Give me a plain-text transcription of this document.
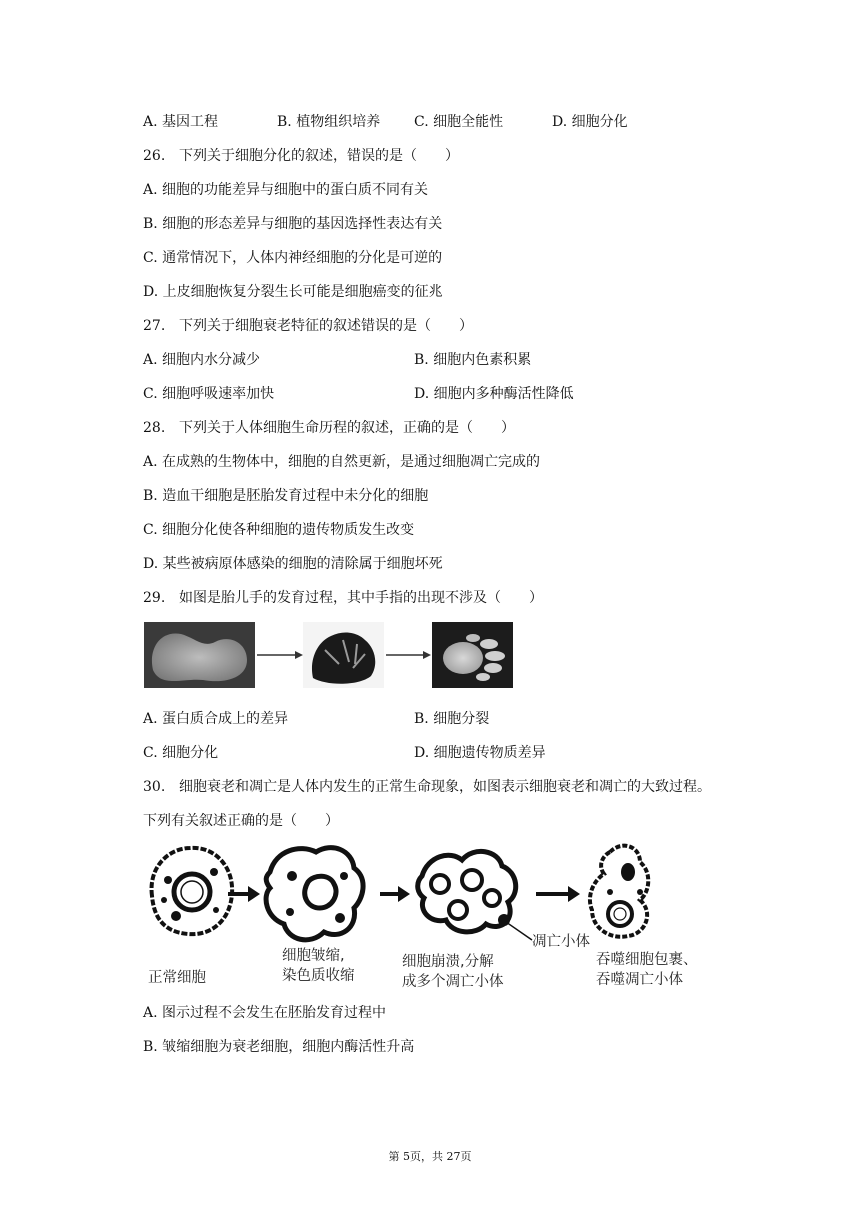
A. 基因工程	B. 植物组织培养 C. 细胞全能性	D. 细胞分化
26. 下列关于细胞分化的叙述，错误的是（　　）
A. 细胞的功能差异与细胞中的蛋白质不同有关
B. 细胞的形态差异与细胞的基因选择性表达有关
C. 通常情况下，人体内神经细胞的分化是可逆的
D. 上皮细胞恢复分裂生长可能是细胞癌变的征兆
27. 下列关于细胞衰老特征的叙述错误的是（　　）
A. 细胞内水分减少	B. 细胞内色素积累
C. 细胞呼吸速率加快	D. 细胞内多种酶活性降低
28. 下列关于人体细胞生命历程的叙述，正确的是（　　）
A. 在成熟的生物体中，细胞的自然更新，是通过细胞凋亡完成的
B. 造血干细胞是胚胎发育过程中未分化的细胞
C. 细胞分化使各种细胞的遗传物质发生改变
D. 某些被病原体感染的细胞的清除属于细胞坏死
29. 如图是胎儿手的发育过程，其中手指的出现不涉及（　　）
A. 蛋白质合成上的差异	B. 细胞分裂
C. 细胞分化	D. 细胞遗传物质差异
30. 细胞衰老和凋亡是人体内发生的正常生命现象，如图表示细胞衰老和凋亡的大致过程。
下列有关叙述正确的是（　　）
凋亡小体
正常细胞
细胞皱缩,
染色质收缩
细胞崩溃,分解
成多个凋亡小体
吞噬细胞包裹、
吞噬凋亡小体
A. 图示过程不会发生在胚胎发育过程中
B. 皱缩细胞为衰老细胞，细胞内酶活性升高
第 5页，共 27页
